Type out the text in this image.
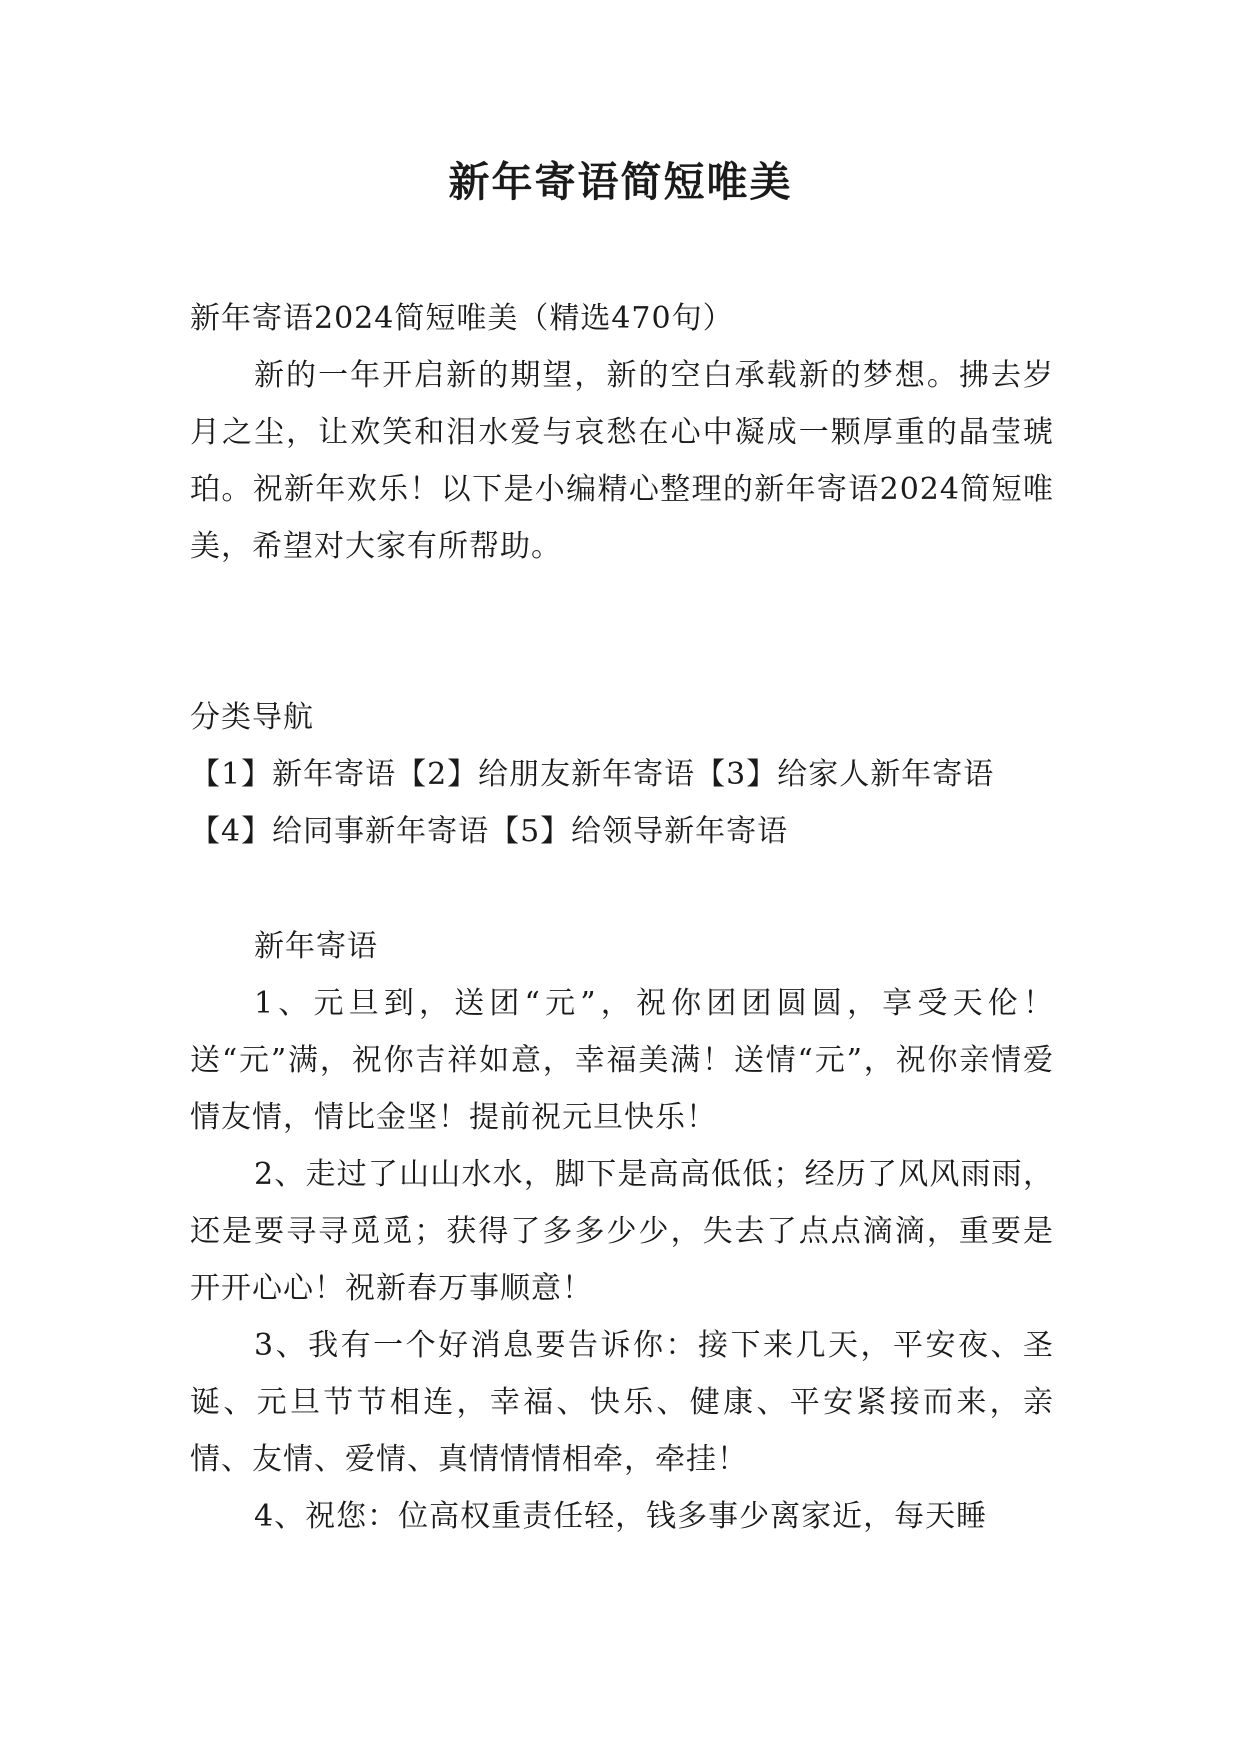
新年寄语简短唯美

新年寄语2024简短唯美（精选470句）

新的一年开启新的期望，新的空白承载新的梦想。拂去岁月之尘，让欢笑和泪水爱与哀愁在心中凝成一颗厚重的晶莹琥珀。祝新年欢乐！以下是小编精心整理的新年寄语2024简短唯美，希望对大家有所帮助。

分类导航

【1】新年寄语【2】给朋友新年寄语【3】给家人新年寄语

【4】给同事新年寄语【5】给领导新年寄语

新年寄语

1、元旦到，送团“元”，祝你团团圆圆，享受天伦！送“元”满，祝你吉祥如意，幸福美满！送情“元”，祝你亲情爱情友情，情比金坚！提前祝元旦快乐！

2、走过了山山水水，脚下是高高低低；经历了风风雨雨，还是要寻寻觅觅；获得了多多少少，失去了点点滴滴，重要是开开心心！祝新春万事顺意！

3、我有一个好消息要告诉你：接下来几天，平安夜、圣诞、元旦节节相连，幸福、快乐、健康、平安紧接而来，亲情、友情、爱情、真情情情相牵，牵挂！

4、祝您：位高权重责任轻，钱多事少离家近，每天睡
